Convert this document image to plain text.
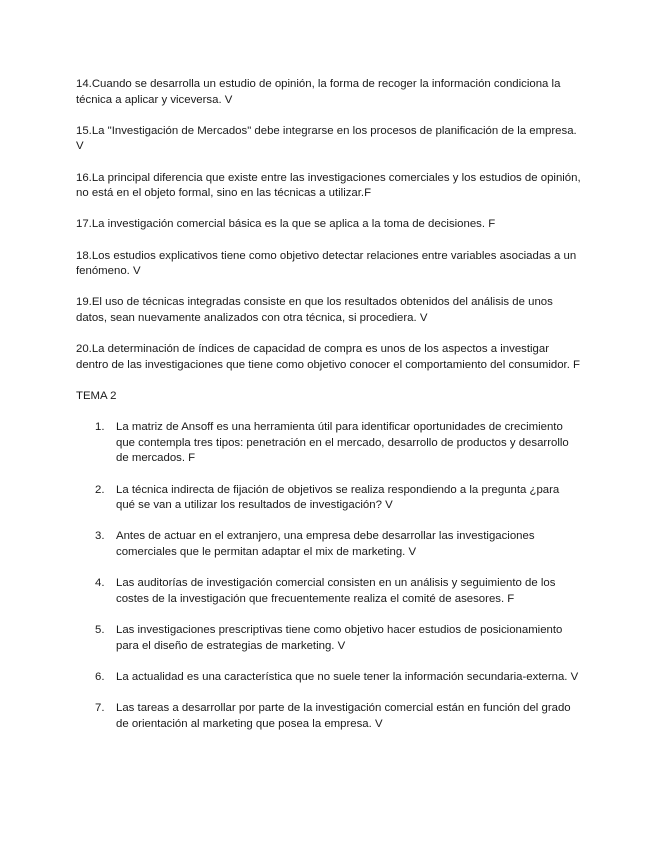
14.Cuando se desarrolla un estudio de opinión, la forma de recoger la información condiciona la técnica a aplicar y viceversa. V

15.La "Investigación de Mercados" debe integrarse en los procesos de planificación de la empresa. V

16.La principal diferencia que existe entre las investigaciones comerciales y los estudios de opinión, no está en el objeto formal, sino en las técnicas a utilizar.F

17.La investigación comercial básica es la que se aplica a la toma de decisiones. F

18.Los estudios explicativos tiene como objetivo detectar relaciones entre variables asociadas a un fenómeno. V

19.El uso de técnicas integradas consiste en que los resultados obtenidos del análisis de unos datos, sean nuevamente analizados con otra técnica, si procediera. V

20.La determinación de índices de capacidad de compra es unos de los aspectos a investigar dentro de las investigaciones que tiene como objetivo conocer el comportamiento del consumidor. F

TEMA 2

1. La matriz de Ansoff es una herramienta útil para identificar oportunidades de crecimiento que contempla tres tipos: penetración en el mercado, desarrollo de productos y desarrollo de mercados. F
2. La técnica indirecta de fijación de objetivos se realiza respondiendo a la pregunta ¿para qué se van a utilizar los resultados de investigación? V
3. Antes de actuar en el extranjero, una empresa debe desarrollar las investigaciones comerciales que le permitan adaptar el mix de marketing. V
4. Las auditorías de investigación comercial consisten en un análisis y seguimiento de los costes de la investigación que frecuentemente realiza el comité de asesores. F
5. Las investigaciones prescriptivas tiene como objetivo hacer estudios de posicionamiento para el diseño de estrategias de marketing. V
6. La actualidad es una característica que no suele tener la información secundaria-externa. V
7. Las tareas a desarrollar por parte de la investigación comercial están en función del grado de orientación al marketing que posea la empresa. V
